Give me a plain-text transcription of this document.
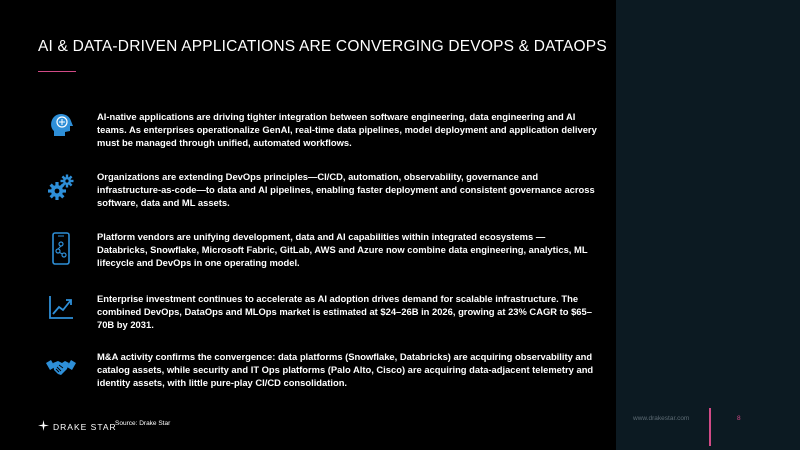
AI & DATA-DRIVEN APPLICATIONS ARE CONVERGING DEVOPS & DATAOPS
AI-native applications are driving tighter integration between software engineering, data engineering and AI teams. As enterprises operationalize GenAI, real-time data pipelines, model deployment and application delivery must be managed through unified, automated workflows.
Organizations are extending DevOps principles—CI/CD, automation, observability, governance and infrastructure-as-code—to data and AI pipelines, enabling faster deployment and consistent governance across software, data and ML assets.
Platform vendors are unifying development, data and AI capabilities within integrated ecosystems — Databricks, Snowflake, Microsoft Fabric, GitLab, AWS and Azure now combine data engineering, analytics, ML lifecycle and DevOps in one operating model.
Enterprise investment continues to accelerate as AI adoption drives demand for scalable infrastructure. The combined DevOps, DataOps and MLOps market is estimated at $24–26B in 2026, growing at 23% CAGR to $65–70B by 2031.
M&A activity confirms the convergence: data platforms (Snowflake, Databricks) are acquiring observability and catalog assets, while security and IT Ops platforms (Palo Alto, Cisco) are acquiring data-adjacent telemetry and identity assets, with little pure-play CI/CD consolidation.
DRAKE STAR
Source: Drake Star
www.drakestar.com	8
